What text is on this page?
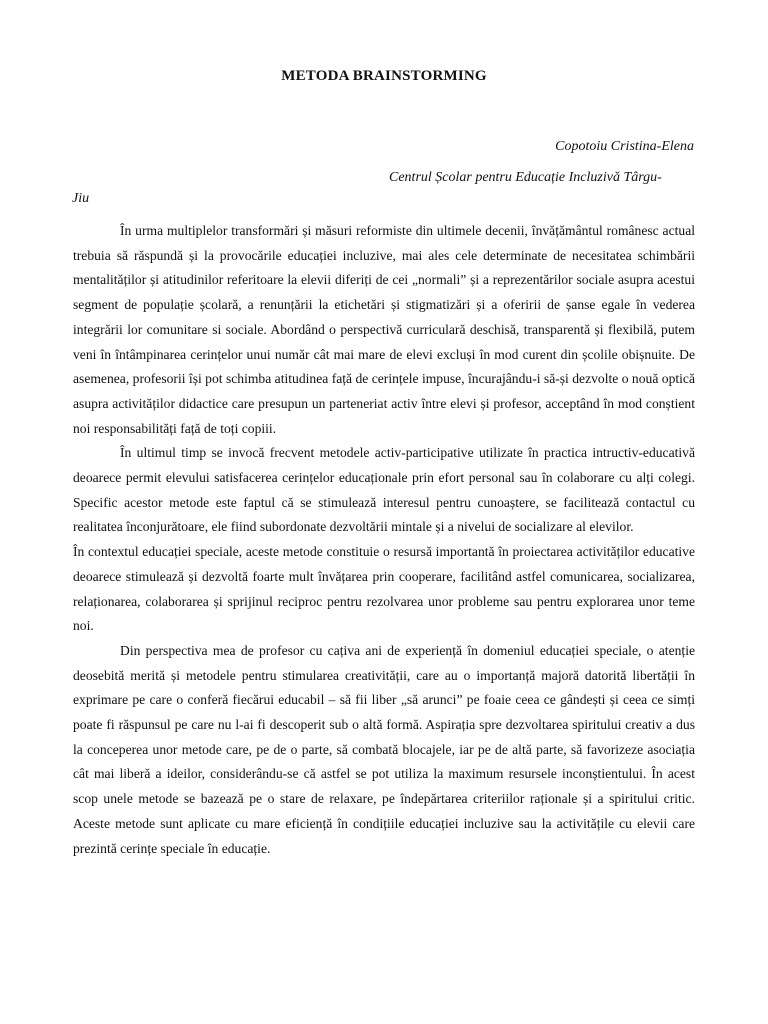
METODA BRAINSTORMING
Copotoiu Cristina-Elena
Centrul Școlar pentru Educație Incluzivă Târgu-
Jiu

În urma multiplelor transformări și măsuri reformiste din ultimele decenii, învățământul românesc actual trebuia să răspundă și la provocările educației incluzive, mai ales cele determinate de necesitatea schimbării mentalităților și atitudinilor referitoare la elevii diferiți de cei „normali” și a reprezentărilor sociale asupra acestui segment de populație școlară, a renunțării la etichetări și stigmatizări și a oferirii de șanse egale în vederea integrării lor comunitare si sociale. Abordând o perspectivă curriculară deschisă, transparentă și flexibilă, putem veni în întâmpinarea cerințelor unui număr cât mai mare de elevi excluși în mod curent din școlile obișnuite. De asemenea, profesorii își pot schimba atitudinea față de cerințele impuse, încurajându-i să-și dezvolte o nouă optică asupra activităților didactice care presupun un parteneriat activ între elevi și profesor, acceptând în mod conștient noi responsabilități față de toți copiii.

În ultimul timp se invocă frecvent metodele activ-participative utilizate în practica intructiv-educativă deoarece permit elevului satisfacerea cerințelor educaționale prin efort personal sau în colaborare cu alți colegi. Specific acestor metode este faptul că se stimulează interesul pentru cunoaștere, se facilitează contactul cu realitatea înconjurătoare, ele fiind subordonate dezvoltării mintale și a nivelui de socializare al elevilor.

În contextul educației speciale, aceste metode constituie o resursă importantă în proiectarea activităților educative deoarece stimulează și dezvoltă foarte mult învățarea prin cooperare, facilitând astfel comunicarea, socializarea, relaționarea, colaborarea și sprijinul reciproc pentru rezolvarea unor probleme sau pentru explorarea unor teme noi.

Din perspectiva mea de profesor cu cațiva ani de experiență în domeniul educației speciale, o atenție deosebită merită și metodele pentru stimularea creativității, care au o importanță majoră datorită libertății în exprimare pe care o conferă fiecărui educabil – să fii liber „să arunci” pe foaie ceea ce gândești și ceea ce simți poate fi răspunsul pe care nu l-ai fi descoperit sub o altă formă. Aspirația spre dezvoltarea spiritului creativ a dus la conceperea unor metode care, pe de o parte, să combată blocajele, iar pe de altă parte, să favorizeze asociația cât mai liberă a ideilor, considerându-se că astfel se pot utiliza la maximum resursele inconștientului. În acest scop unele metode se bazează pe o stare de relaxare, pe îndepărtarea criteriilor raționale și a spiritului critic. Aceste metode sunt aplicate cu mare eficiență în condițiile educației incluzive sau la activitățile cu elevii care prezintă cerințe speciale în educație.
